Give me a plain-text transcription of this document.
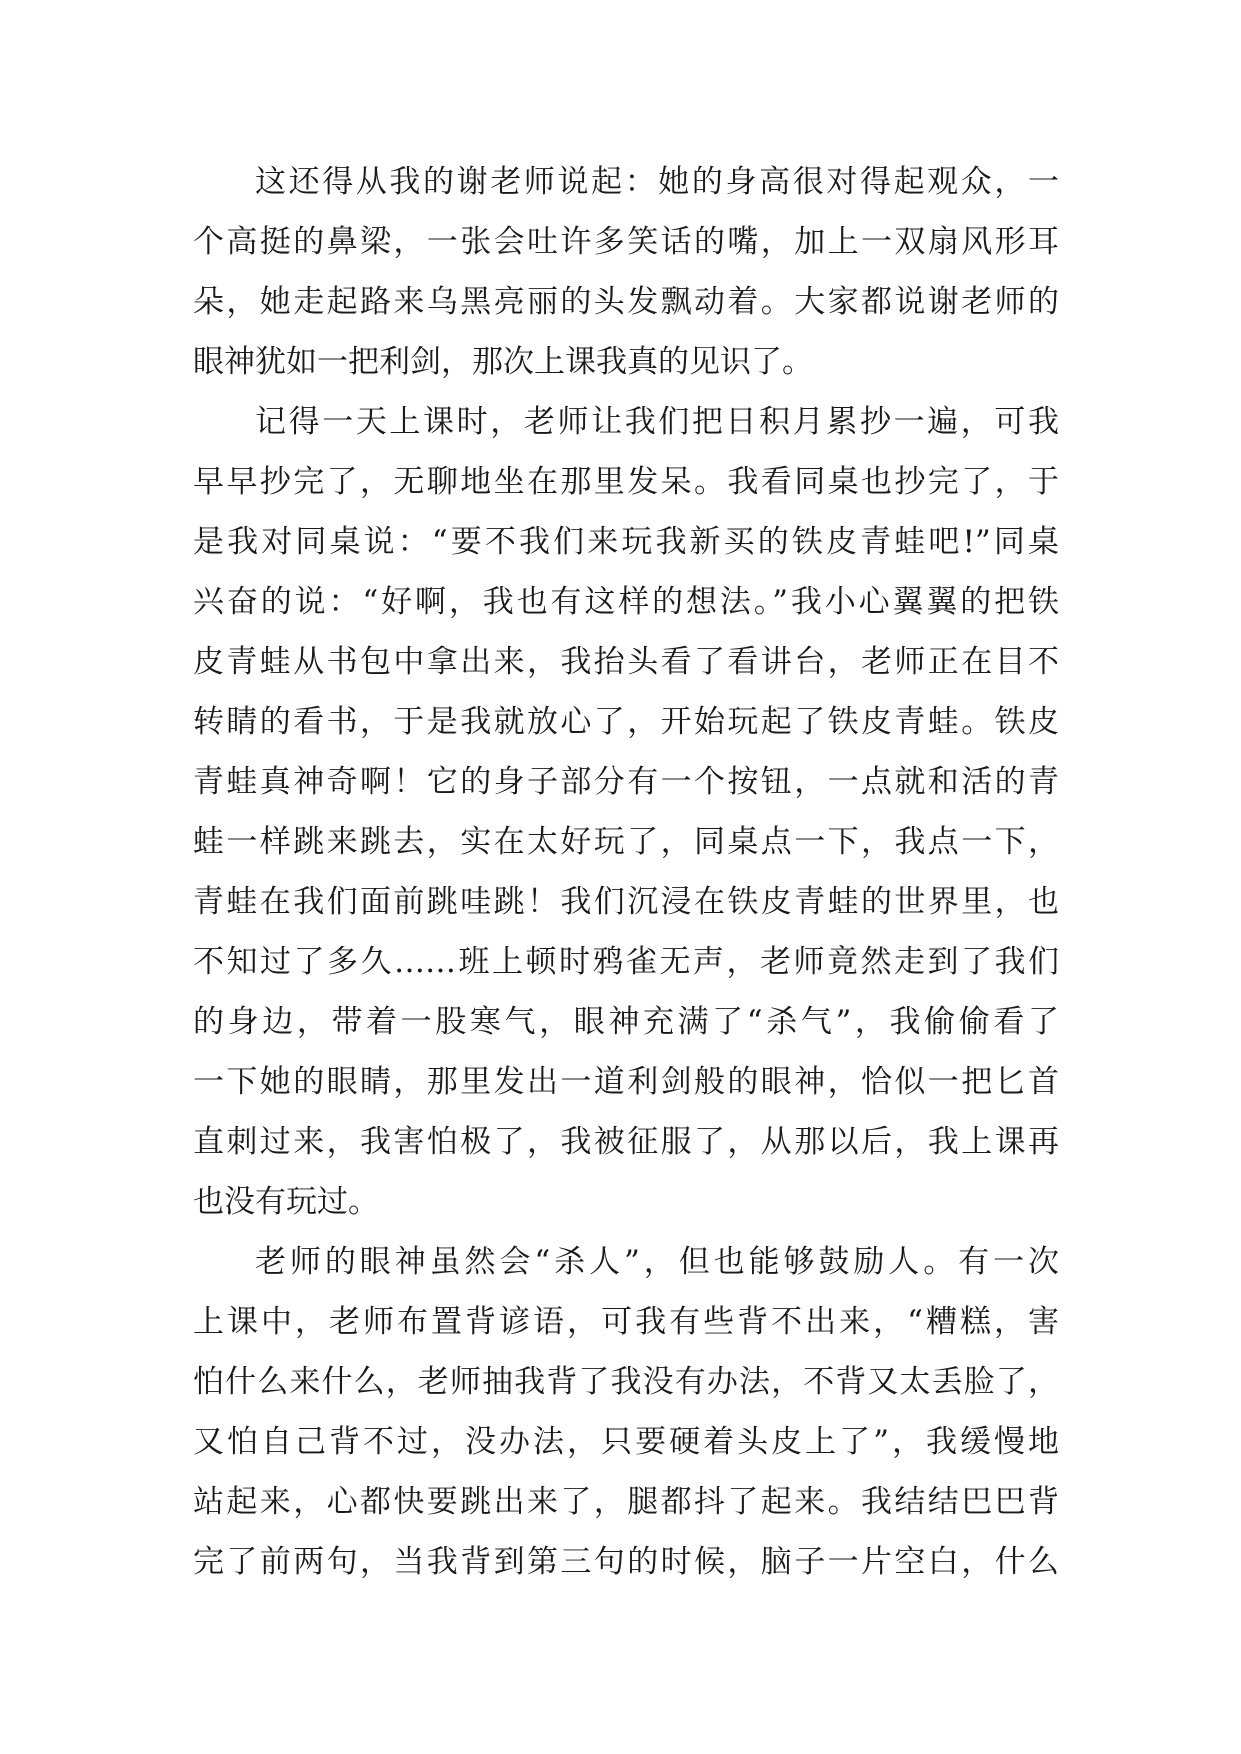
这还得从我的谢老师说起：她的身高很对得起观众，一
个高挺的鼻梁，一张会吐许多笑话的嘴，加上一双扇风形耳
朵，她走起路来乌黑亮丽的头发飘动着。大家都说谢老师的
眼神犹如一把利剑，那次上课我真的见识了。
记得一天上课时，老师让我们把日积月累抄一遍，可我
早早抄完了，无聊地坐在那里发呆。我看同桌也抄完了，于
是我对同桌说：“要不我们来玩我新买的铁皮青蛙吧!”同桌
兴奋的说：“好啊，我也有这样的想法。”我小心翼翼的把铁
皮青蛙从书包中拿出来，我抬头看了看讲台，老师正在目不
转睛的看书，于是我就放心了，开始玩起了铁皮青蛙。铁皮
青蛙真神奇啊！它的身子部分有一个按钮，一点就和活的青
蛙一样跳来跳去，实在太好玩了，同桌点一下，我点一下，
青蛙在我们面前跳哇跳！我们沉浸在铁皮青蛙的世界里，也
不知过了多久……班上顿时鸦雀无声，老师竟然走到了我们
的身边，带着一股寒气，眼神充满了“杀气”，我偷偷看了
一下她的眼睛，那里发出一道利剑般的眼神，恰似一把匕首
直刺过来，我害怕极了，我被征服了，从那以后，我上课再
也没有玩过。
老师的眼神虽然会“杀人”，但也能够鼓励人。有一次
上课中，老师布置背谚语，可我有些背不出来，“糟糕，害
怕什么来什么，老师抽我背了我没有办法，不背又太丢脸了，
又怕自己背不过，没办法，只要硬着头皮上了”，我缓慢地
站起来，心都快要跳出来了，腿都抖了起来。我结结巴巴背
完了前两句，当我背到第三句的时候，脑子一片空白，什么
